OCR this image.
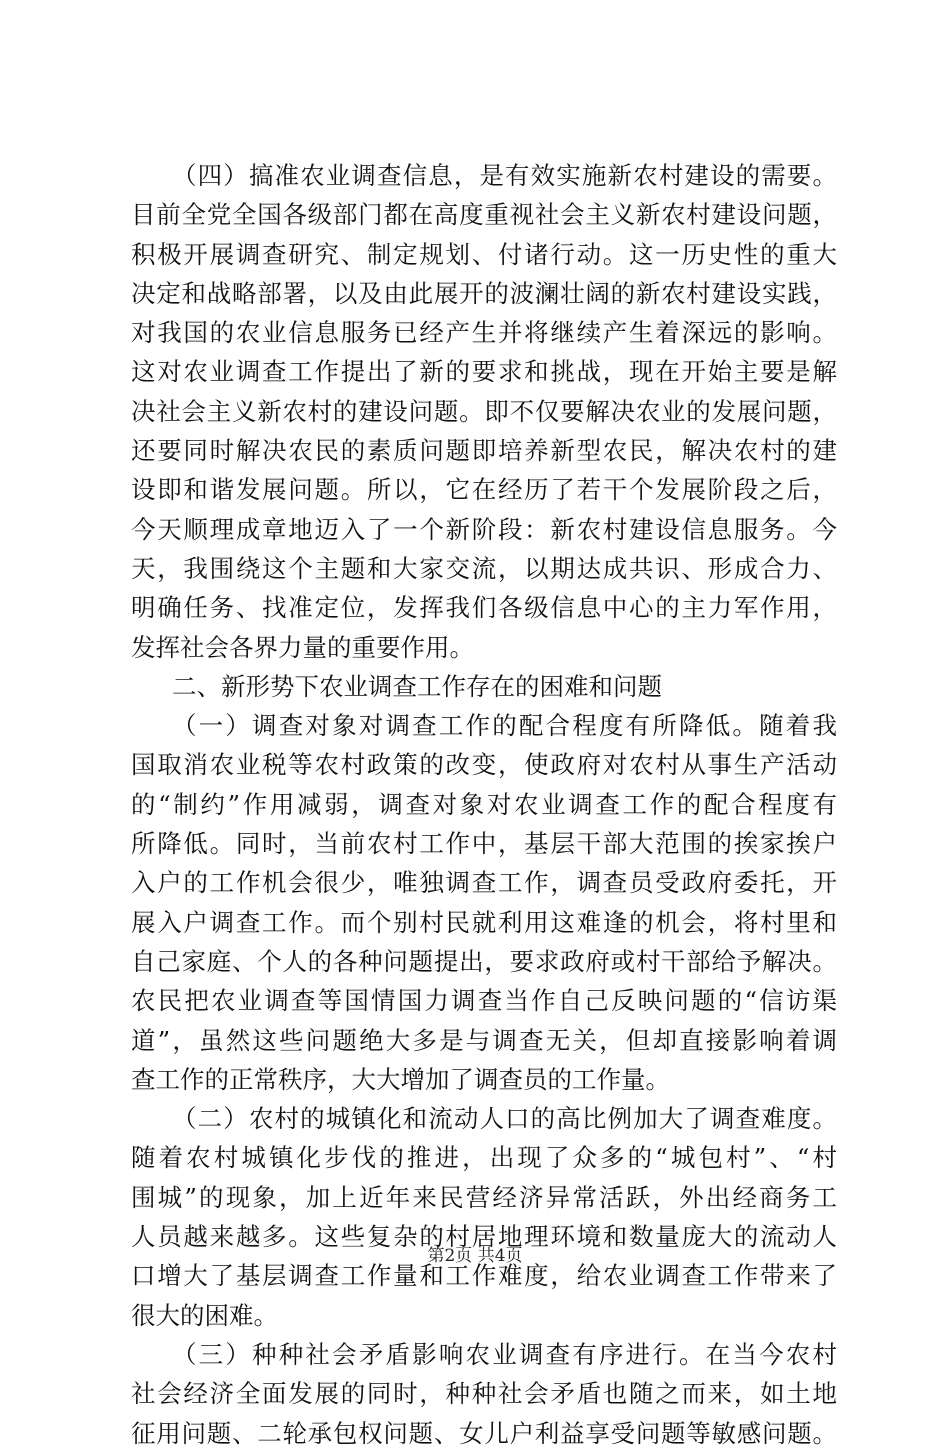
（四）搞准农业调查信息，是有效实施新农村建设的需要。
目前全党全国各级部门都在高度重视社会主义新农村建设问题，
积极开展调查研究、制定规划、付诸行动。这一历史性的重大
决定和战略部署，以及由此展开的波澜壮阔的新农村建设实践，
对我国的农业信息服务已经产生并将继续产生着深远的影响。
这对农业调查工作提出了新的要求和挑战，现在开始主要是解
决社会主义新农村的建设问题。即不仅要解决农业的发展问题，
还要同时解决农民的素质问题即培养新型农民，解决农村的建
设即和谐发展问题。所以，它在经历了若干个发展阶段之后，
今天顺理成章地迈入了一个新阶段：新农村建设信息服务。今
天，我围绕这个主题和大家交流，以期达成共识、形成合力、
明确任务、找准定位，发挥我们各级信息中心的主力军作用，
发挥社会各界力量的重要作用。
二、新形势下农业调查工作存在的困难和问题
（一）调查对象对调查工作的配合程度有所降低。随着我
国取消农业税等农村政策的改变，使政府对农村从事生产活动
的“制约”作用减弱，调查对象对农业调查工作的配合程度有
所降低。同时，当前农村工作中，基层干部大范围的挨家挨户
入户的工作机会很少，唯独调查工作，调查员受政府委托，开
展入户调查工作。而个别村民就利用这难逢的机会，将村里和
自己家庭、个人的各种问题提出，要求政府或村干部给予解决。
农民把农业调查等国情国力调查当作自己反映问题的“信访渠
道”，虽然这些问题绝大多是与调查无关，但却直接影响着调
查工作的正常秩序，大大增加了调查员的工作量。
（二）农村的城镇化和流动人口的高比例加大了调查难度。
随着农村城镇化步伐的推进，出现了众多的“城包村”、“村
围城”的现象，加上近年来民营经济异常活跃，外出经商务工
人员越来越多。这些复杂的村居地理环境和数量庞大的流动人
口增大了基层调查工作量和工作难度，给农业调查工作带来了
很大的困难。
（三）种种社会矛盾影响农业调查有序进行。在当今农村
社会经济全面发展的同时，种种社会矛盾也随之而来，如土地
征用问题、二轮承包权问题、女儿户利益享受问题等敏感问题。
第2页 共4页
